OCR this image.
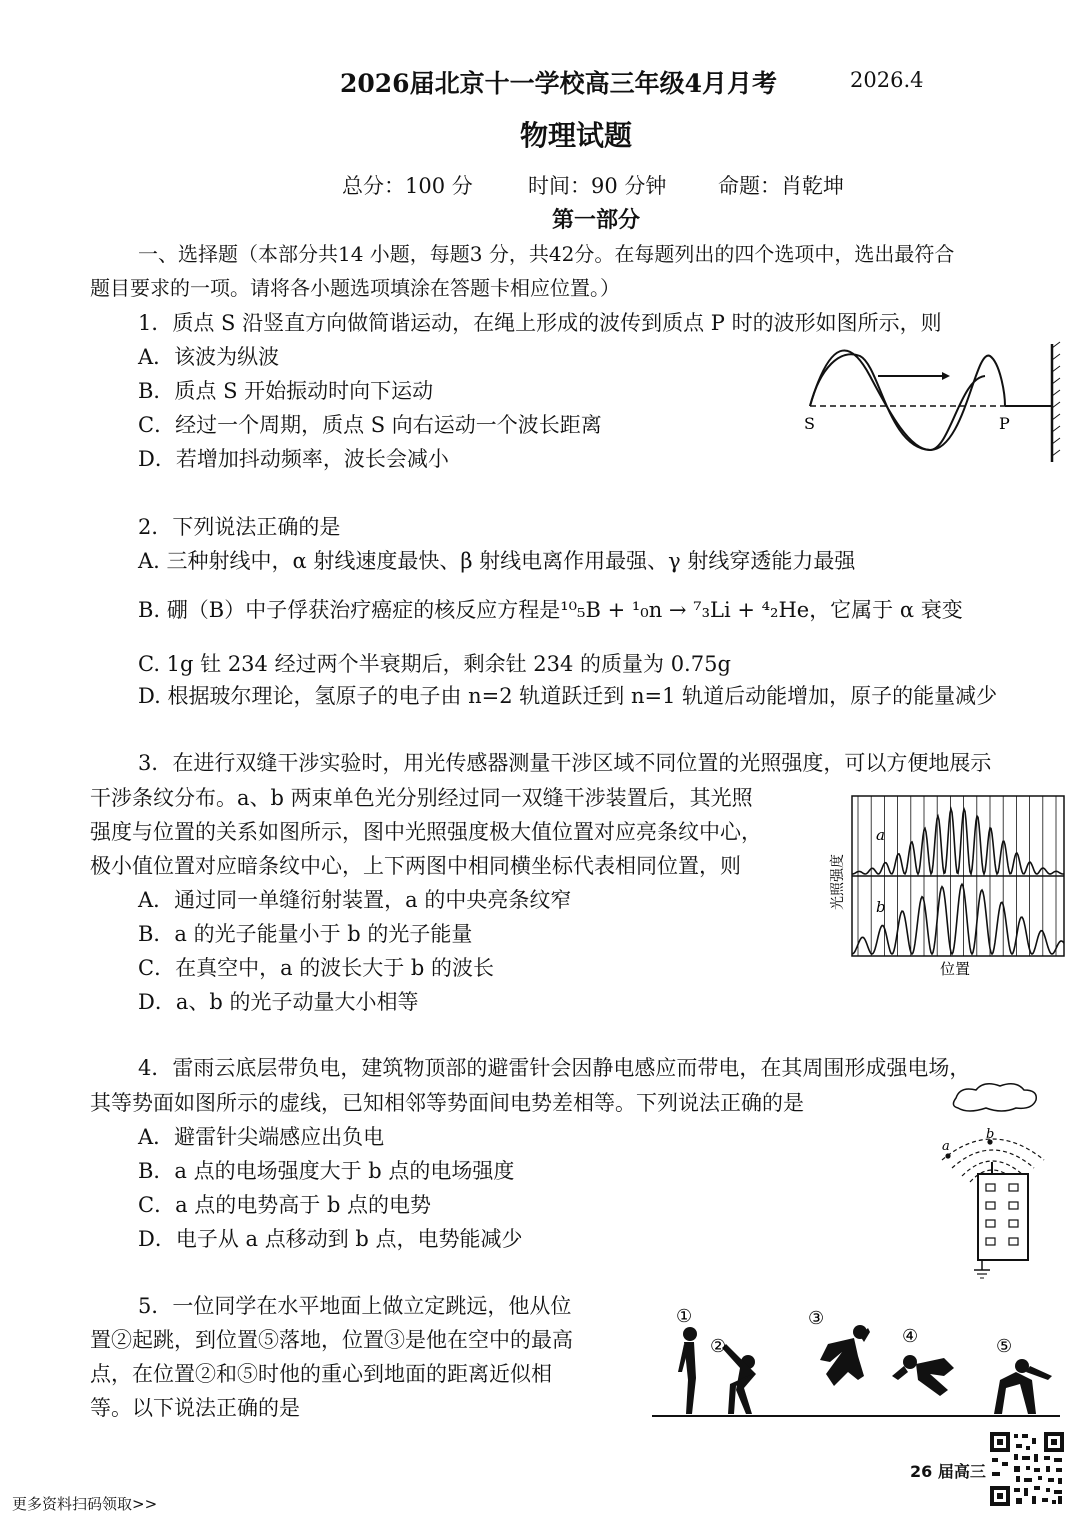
2026届北京十一学校高三年级4月月考	2026.4
物理试题
总分：100 分	时间：90 分钟 命题：肖乾坤
第一部分
一、选择题（本部分共14 小题，每题3 分，共42分。在每题列出的四个选项中，选出最符合
题目要求的一项。请将各小题选项填涂在答题卡相应位置。）
1．质点 S 沿竖直方向做简谐运动，在绳上形成的波传到质点 P 时的波形如图所示，则
A．该波为纵波
B．质点 S 开始振动时向下运动
C．经过一个周期，质点 S 向右运动一个波长距离
D．若增加抖动频率，波长会减小
S	P
2．下列说法正确的是
A. 三种射线中，α 射线速度最快、β 射线电离作用最强、γ 射线穿透能力最强
B. 硼（B）中子俘获治疗癌症的核反应方程是¹⁰₅B + ¹₀n → ⁷₃Li + ⁴₂He，它属于 α 衰变
C. 1g 钍 234 经过两个半衰期后，剩余钍 234 的质量为 0.75g
D. 根据玻尔理论，氢原子的电子由 n=2 轨道跃迁到 n=1 轨道后动能增加，原子的能量减少
3．在进行双缝干涉实验时，用光传感器测量干涉区域不同位置的光照强度，可以方便地展示
干涉条纹分布。a、b 两束单色光分别经过同一双缝干涉装置后，其光照
强度与位置的关系如图所示，图中光照强度极大值位置对应亮条纹中心，
极小值位置对应暗条纹中心，上下两图中相同横坐标代表相同位置，则
A．通过同一单缝衍射装置，a 的中央亮条纹窄
B．a 的光子能量小于 b 的光子能量
C．在真空中，a 的波长大于 b 的波长
D．a、b 的光子动量大小相等
a
b
位置
光照强度
4．雷雨云底层带负电，建筑物顶部的避雷针会因静电感应而带电，在其周围形成强电场，
其等势面如图所示的虚线，已知相邻等势面间电势差相等。下列说法正确的是
A．避雷针尖端感应出负电
B．a 点的电场强度大于 b 点的电场强度
C．a 点的电势高于 b 点的电势
D．电子从 a 点移动到 b 点，电势能减少
a
b
5．一位同学在水平地面上做立定跳远，他从位
置②起跳，到位置⑤落地，位置③是他在空中的最高
点，在位置②和⑤时他的重心到地面的距离近似相
等。以下说法正确的是
①
②
③
④	⑤
26 届高三
更多资料扫码领取>>
